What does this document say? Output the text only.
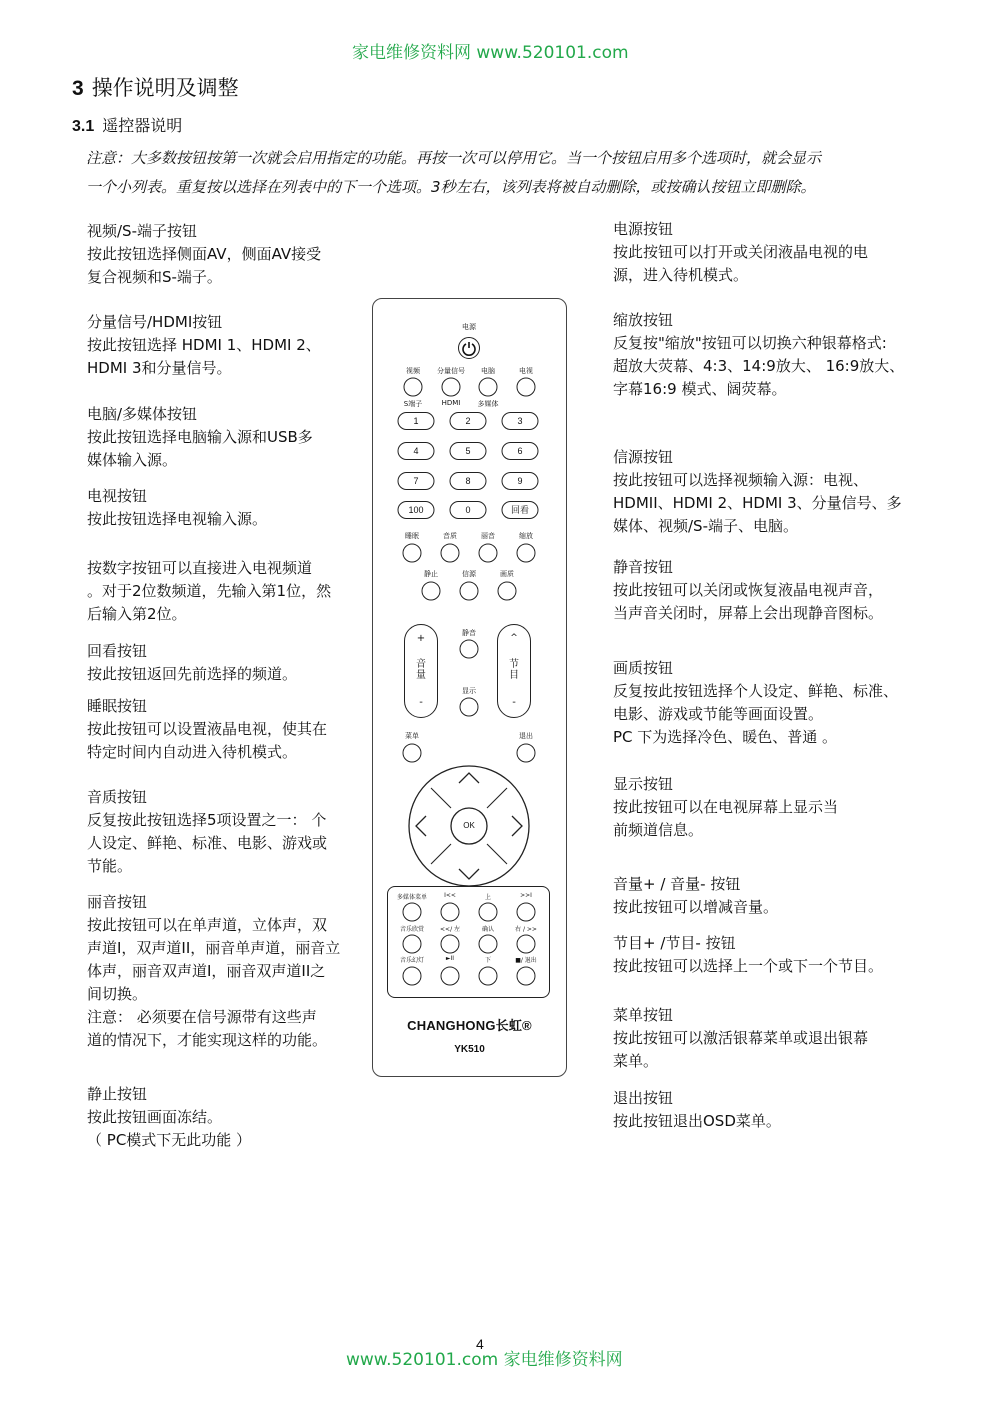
家电维修资料网 www.520101.com
www.520101.com 家电维修资料网
4
3 操作说明及调整
3.1 遥控器说明
注意：大多数按钮按第一次就会启用指定的功能。再按一次可以停用它。当一个按钮启用多个选项时，就会显示
一个小列表。重复按以选择在列表中的下一个选项。3秒左右，该列表将被自动删除，或按确认按钮立即删除。
视频/S-端子按钮
按此按钮选择侧面AV，侧面AV接受
复合视频和S-端子。
分量信号/HDMI按钮
按此按钮选择 HDMI 1、HDMI 2、
HDMI 3和分量信号。
电脑/多媒体按钮
按此按钮选择电脑输入源和USB多
媒体输入源。
电视按钮
按此按钮选择电视输入源。
按数字按钮可以直接进入电视频道
。对于2位数频道，先输入第1位，然
后输入第2位。
回看按钮
按此按钮返回先前选择的频道。
睡眠按钮
按此按钮可以设置液晶电视，使其在
特定时间内自动进入待机模式。
音质按钮
反复按此按钮选择5项设置之一： 个
人设定、鲜艳、标准、电影、游戏或
节能。
丽音按钮
按此按钮可以在单声道，立体声，双
声道I，双声道II，丽音单声道，丽音立
体声，丽音双声道I，丽音双声道II之
间切换。
注意： 必须要在信号源带有这些声
道的情况下，才能实现这样的功能。
静止按钮
按此按钮画面冻结。
（ PC模式下无此功能 ）
电源按钮
按此按钮可以打开或关闭液晶电视的电
源，进入待机模式。
缩放按钮
反复按"缩放"按钮可以切换六种银幕格式:
超放大荧幕、4:3、14:9放大、 16:9放大、
字幕16:9 模式、阔荧幕。
信源按钮
按此按钮可以选择视频输入源：电视、
HDMII、HDMI 2、HDMI 3、分量信号、多
媒体、视频/S-端子、电脑。
静音按钮
按此按钮可以关闭或恢复液晶电视声音，
当声音关闭时，屏幕上会出现静音图标。
画质按钮
反复按此按钮选择个人设定、鲜艳、标准、
电影、游戏或节能等画面设置。
PC 下为选择冷色、暖色、普通 。
显示按钮
按此按钮可以在电视屏幕上显示当
前频道信息。
音量+ / 音量- 按钮
按此按钮可以增减音量。
节目+ /节目- 按钮
按此按钮可以选择上一个或下一个节目。
菜单按钮
按此按钮可以激活银幕菜单或退出银幕
菜单。
退出按钮
按此按钮退出OSD菜单。
电源
视频 分量信号 电脑	电视
S端子	HDMI 多媒体
1	2	3
4	5	6
7	8	9
100	0	回看
睡眠	音质	丽音	缩放
静止	信源	画质
+
音量
-
^
节目
-
静音
显示
菜单	退出
OK
多媒体菜单	I<<	上	>>I
音乐欣赏	<</ 左	确认	右 / >>
音乐幻灯	►II	下	■/ 退出
CHANGHONG长虹®
YK510
